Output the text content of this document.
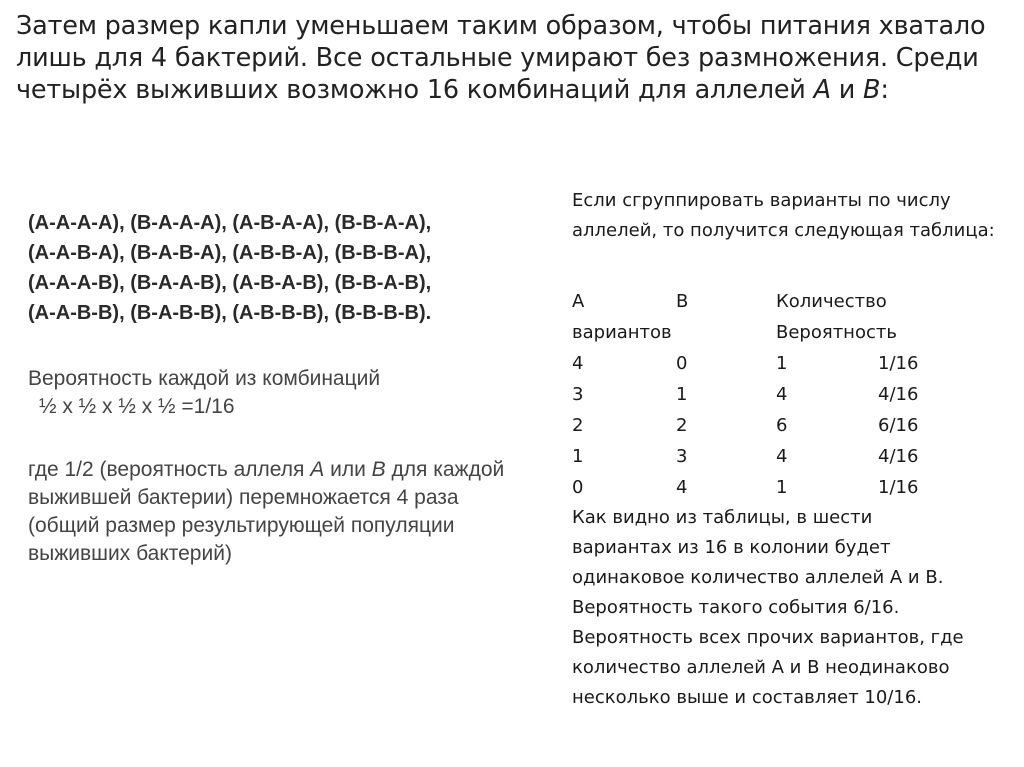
Затем размер капли уменьшаем таким образом, чтобы питания хватало лишь для 4 бактерий. Все остальные умирают без размножения. Среди четырёх выживших возможно 16 комбинаций для аллелей А и В:

(А-А-А-А), (В-А-А-А), (А-В-А-А), (В-В-А-А),
(А-А-В-А), (В-А-В-А), (А-В-В-А), (В-В-В-А),
(А-А-А-В), (В-А-А-В), (А-В-А-В), (В-В-А-В),
(А-А-В-В), (В-А-В-В), (А-В-В-В), (В-В-В-В).
Вероятность каждой из комбинаций
½ х ½ х ½ х ½ =1/16
где 1/2 (вероятность аллеля А или В для каждой выжившей бактерии) перемножается 4 раза (общий размер результирующей популяции выживших бактерий)

Если сгруппировать варианты по числу аллелей, то получится следующая таблица:

А	В	Количество	
вариантов		Вероятность	
4	0	1	1/16
3	1	4	4/16
2	2	6	6/16
1	3	4	4/16
0	4	1	1/16

Как видно из таблицы, в шести

вариантах из 16 в колонии будет

одинаковое количество аллелей А и В.

Вероятность такого события 6/16.

Вероятность всех прочих вариантов, где

количество аллелей А и В неодинаково

несколько выше и составляет 10/16.
